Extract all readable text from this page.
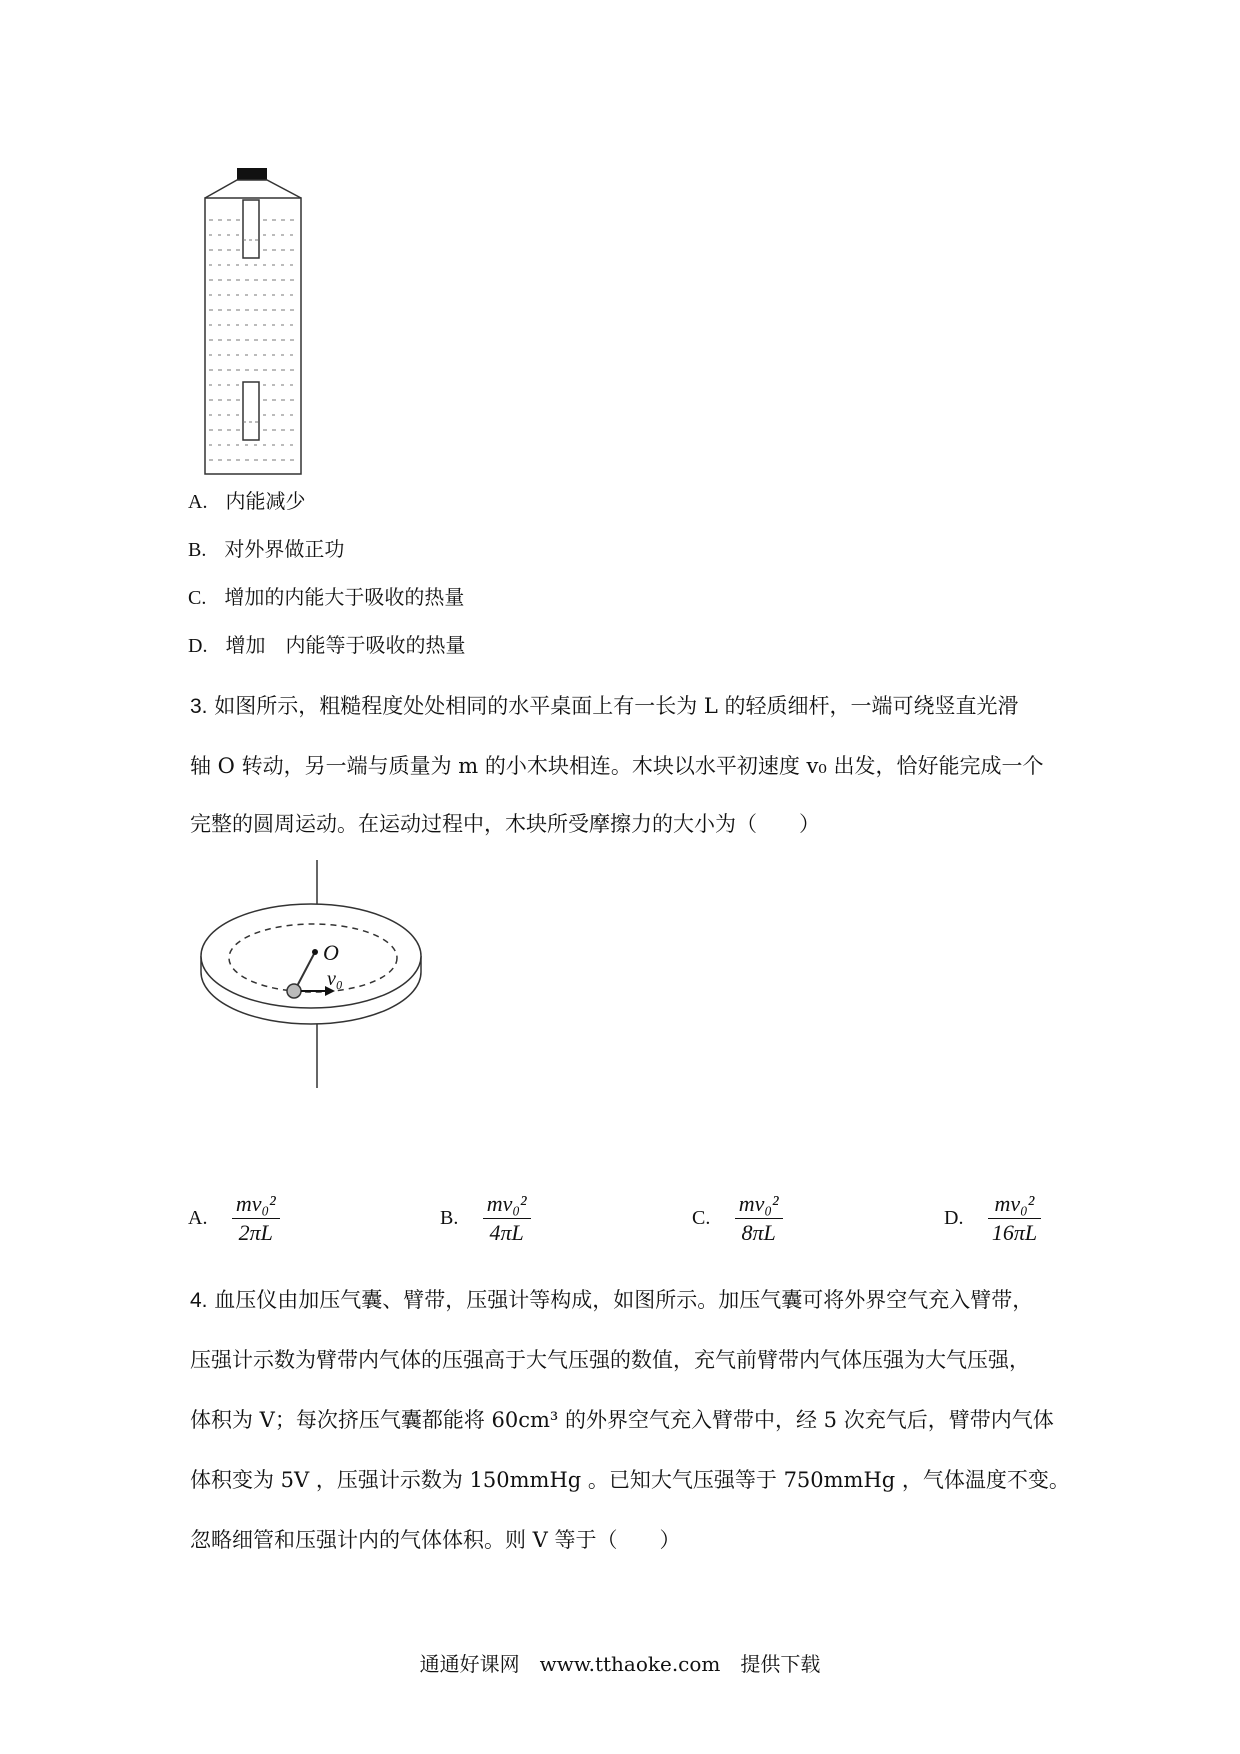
A. 内能减少
B. 对外界做正功
C. 增加的内能大于吸收的热量
D. 增加　内能等于吸收的热量
3. 如图所示，粗糙程度处处相同的水平桌面上有一长为 L 的轻质细杆，一端可绕竖直光滑
轴 O 转动，另一端与质量为 m 的小木块相连。木块以水平初速度 v₀ 出发，恰好能完成一个
完整的圆周运动。在运动过程中，木块所受摩擦力的大小为（　　）
O
v₀
A. $\frac{\text{mv₀²}}{2\pi L}$	B. $\frac{\text{mv₀²}}{4\pi L}$	C. $\frac{\text{mv₀²}}{8\pi L}$	D. $\frac{\text{mv₀²}}{16\pi L}$
4. 血压仪由加压气囊、臂带，压强计等构成，如图所示。加压气囊可将外界空气充入臂带，
压强计示数为臂带内气体的压强高于大气压强的数值，充气前臂带内气体压强为大气压强，
体积为 V；每次挤压气囊都能将 60cm³ 的外界空气充入臂带中，经 5 次充气后，臂带内气体
体积变为 5V ，压强计示数为 150mmHg 。已知大气压强等于 750mmHg ，气体温度不变。
忽略细管和压强计内的气体体积。则 V 等于（　　）
通通好课网　www.tthaoke.com　提供下载
